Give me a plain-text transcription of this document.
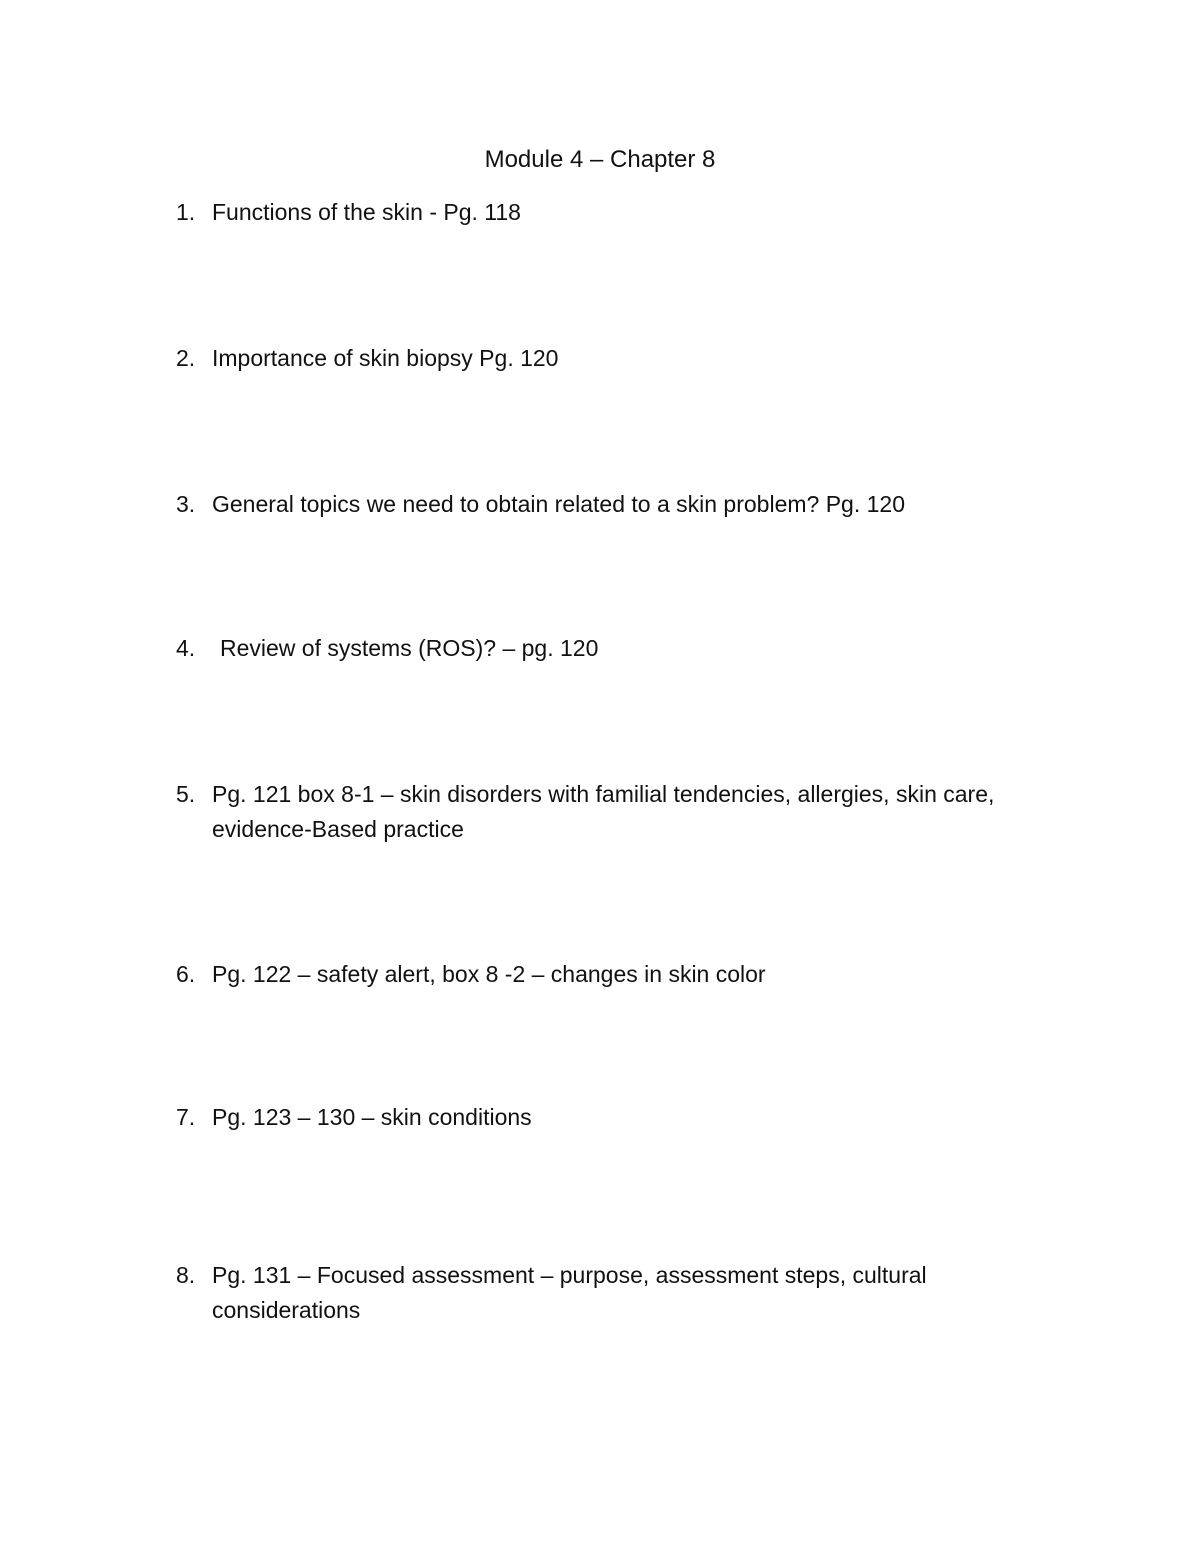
Module 4 – Chapter 8
1. Functions of the skin - Pg. 118
2. Importance of skin biopsy Pg. 120
3. General topics we need to obtain related to a skin problem? Pg. 120
4.	Review of systems (ROS)? – pg. 120
5. Pg. 121 box 8-1 – skin disorders with familial tendencies, allergies, skin care, evidence-Based practice
6. Pg. 122 – safety alert, box 8 -2 – changes in skin color
7. Pg. 123 – 130 – skin conditions
8. Pg. 131 – Focused assessment – purpose, assessment steps, cultural considerations
